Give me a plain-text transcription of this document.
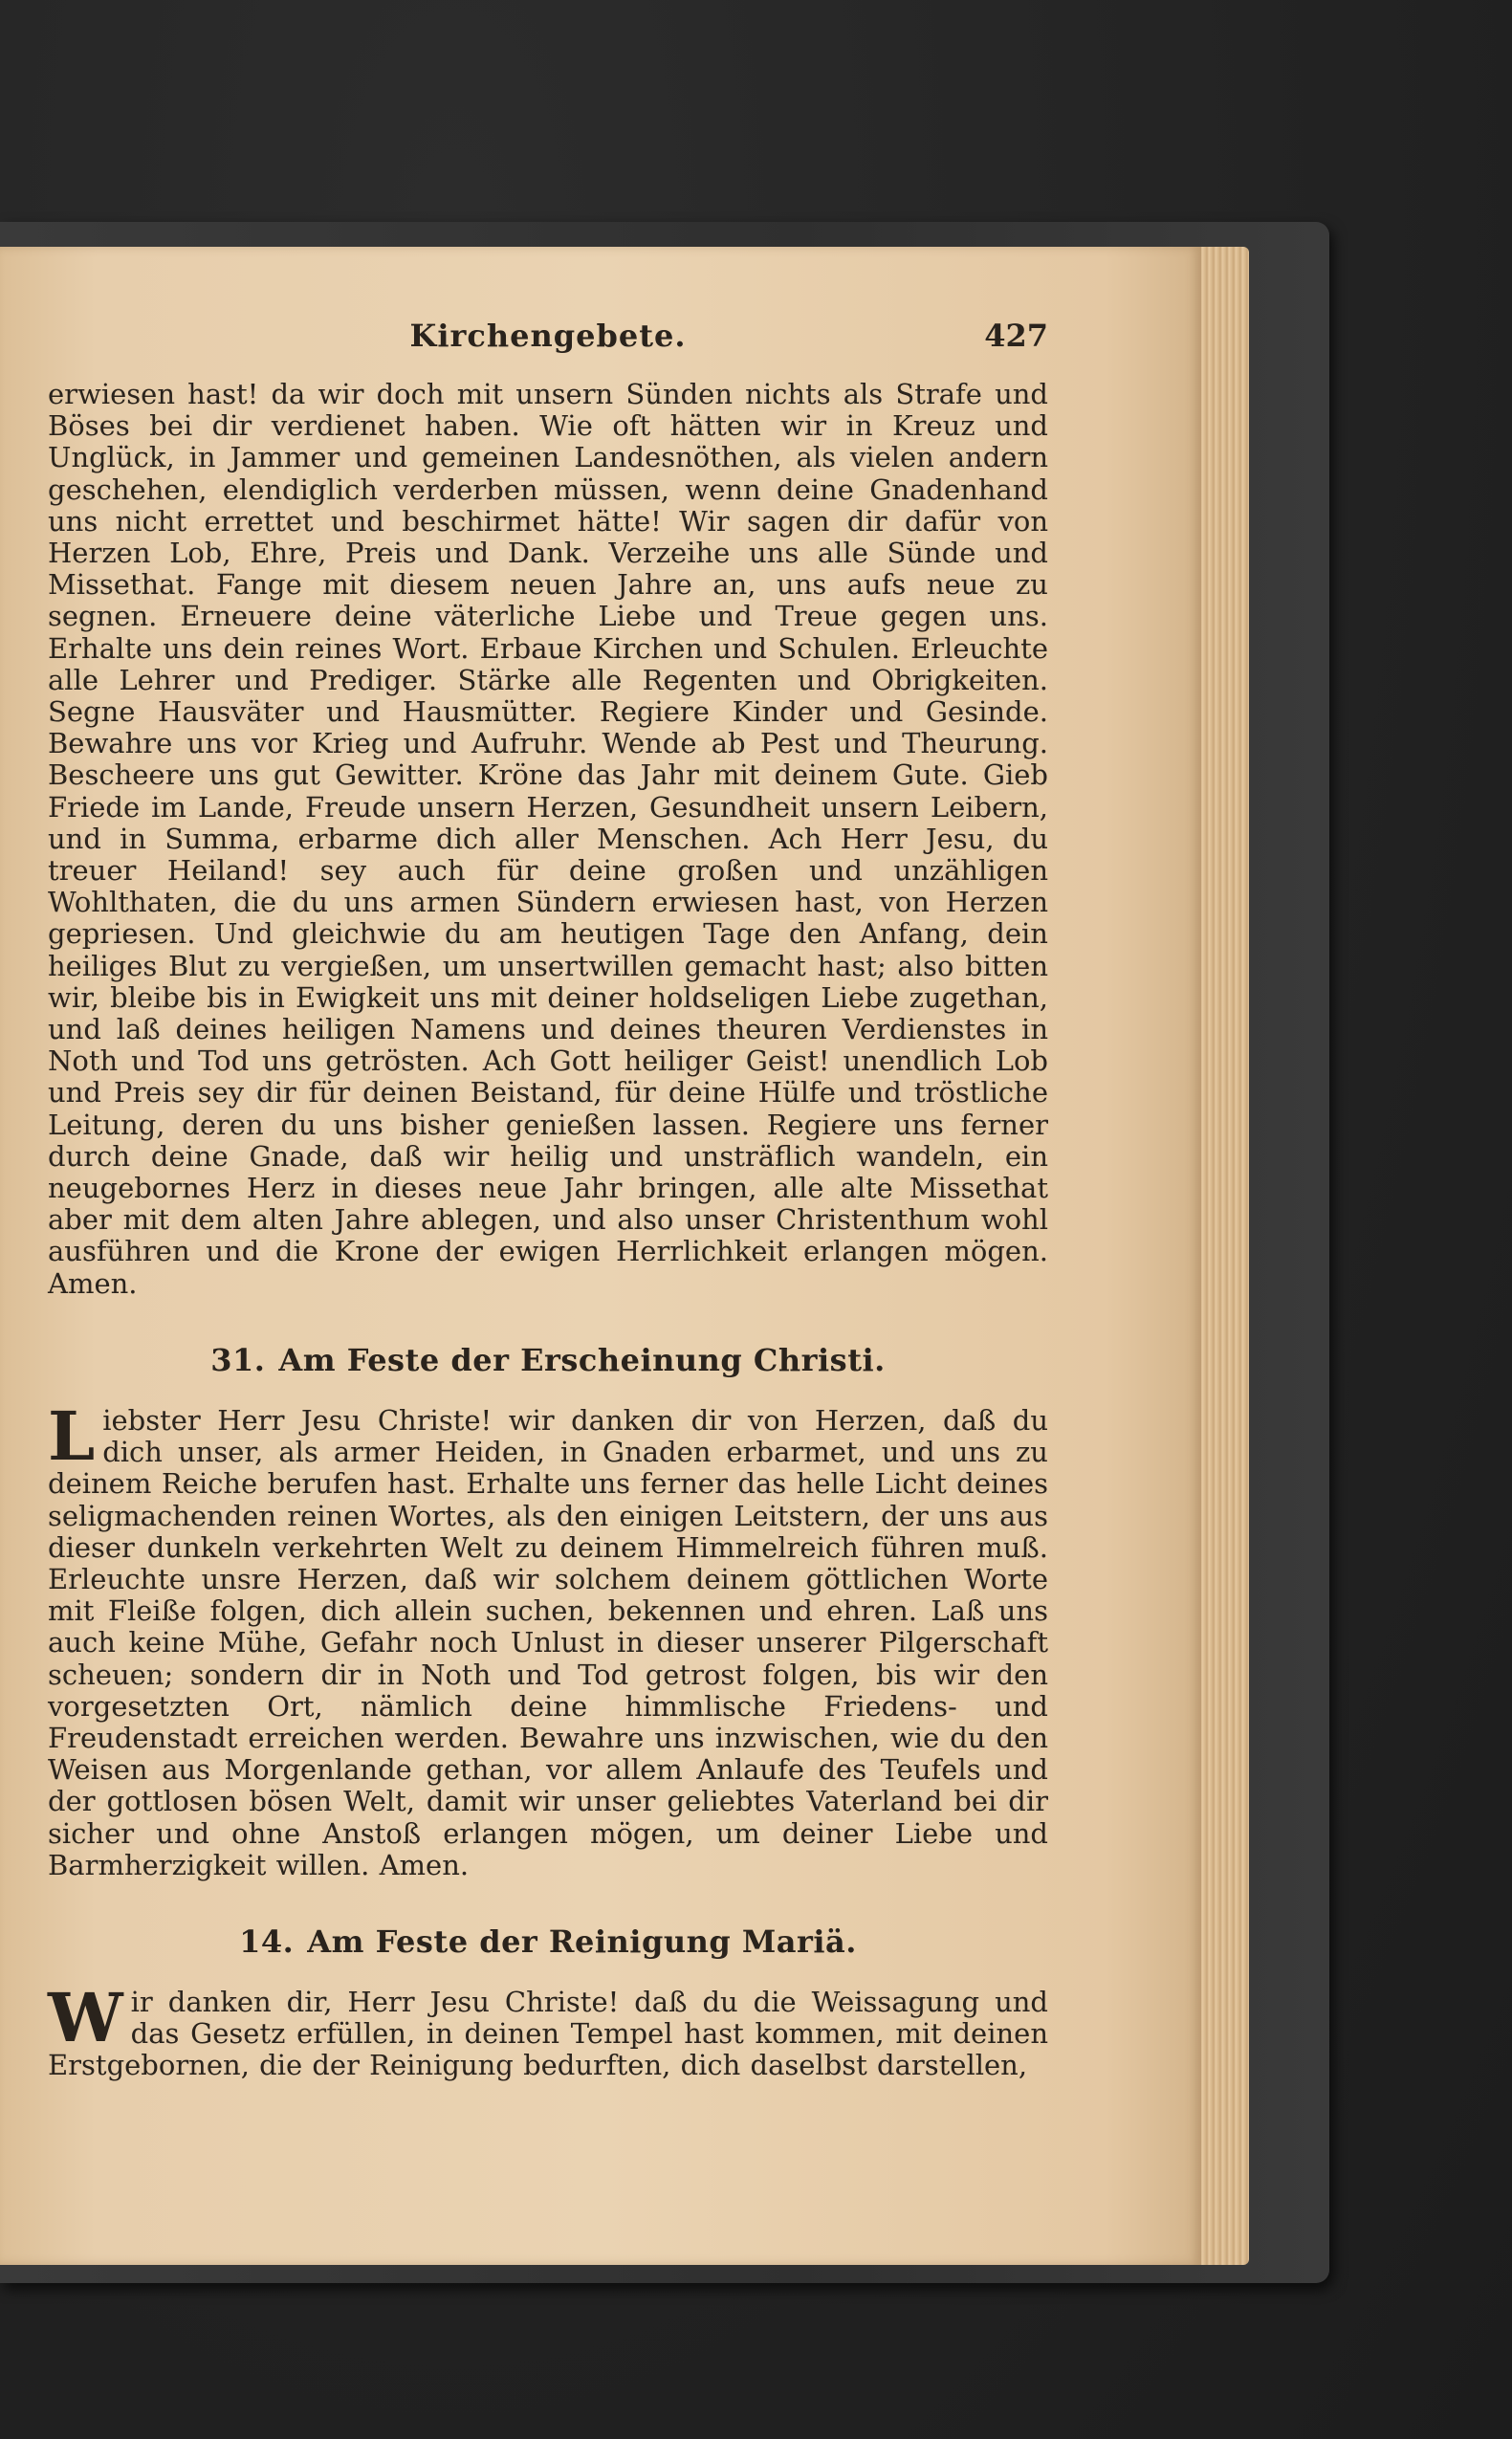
Kirchengebete.	427

erwiesen hast! da wir doch mit unsern Sünden nichts als Strafe und Böses bei dir verdienet haben. Wie oft hätten wir in Kreuz und Unglück, in Jammer und gemeinen Landesnöthen, als vielen andern geschehen, elendiglich verderben müssen, wenn deine Gnadenhand uns nicht errettet und beschirmet hätte! Wir sagen dir dafür von Herzen Lob, Ehre, Preis und Dank. Verzeihe uns alle Sünde und Missethat. Fange mit diesem neuen Jahre an, uns aufs neue zu segnen. Erneuere deine väterliche Liebe und Treue gegen uns. Erhalte uns dein reines Wort. Erbaue Kirchen und Schulen. Erleuchte alle Lehrer und Prediger. Stärke alle Regenten und Obrigkeiten. Segne Hausväter und Hausmütter. Regiere Kinder und Gesinde. Bewahre uns vor Krieg und Aufruhr. Wende ab Pest und Theurung. Bescheere uns gut Gewitter. Kröne das Jahr mit deinem Gute. Gieb Friede im Lande, Freude unsern Herzen, Gesundheit unsern Leibern, und in Summa, erbarme dich aller Menschen. Ach Herr Jesu, du treuer Heiland! sey auch für deine großen und unzähligen Wohlthaten, die du uns armen Sündern erwiesen hast, von Herzen gepriesen. Und gleichwie du am heutigen Tage den Anfang, dein heiliges Blut zu vergießen, um unsertwillen gemacht hast; also bitten wir, bleibe bis in Ewigkeit uns mit deiner holdseligen Liebe zugethan, und laß deines heiligen Namens und deines theuren Verdienstes in Noth und Tod uns getrösten. Ach Gott heiliger Geist! unendlich Lob und Preis sey dir für deinen Beistand, für deine Hülfe und tröstliche Leitung, deren du uns bisher genießen lassen. Regiere uns ferner durch deine Gnade, daß wir heilig und unsträflich wandeln, ein neugebornes Herz in dieses neue Jahr bringen, alle alte Missethat aber mit dem alten Jahre ablegen, und also unser Christenthum wohl ausführen und die Krone der ewigen Herrlichkeit erlangen mögen. Amen.

31. Am Feste der Erscheinung Christi.

Liebster Herr Jesu Christe! wir danken dir von Herzen, daß du dich unser, als armer Heiden, in Gnaden erbarmet, und uns zu deinem Reiche berufen hast. Erhalte uns ferner das helle Licht deines seligmachenden reinen Wortes, als den einigen Leitstern, der uns aus dieser dunkeln verkehrten Welt zu deinem Himmelreich führen muß. Erleuchte unsre Herzen, daß wir solchem deinem göttlichen Worte mit Fleiße folgen, dich allein suchen, bekennen und ehren. Laß uns auch keine Mühe, Gefahr noch Unlust in dieser unserer Pilgerschaft scheuen; sondern dir in Noth und Tod getrost folgen, bis wir den vorgesetzten Ort, nämlich deine himmlische Friedens- und Freudenstadt erreichen werden. Bewahre uns inzwischen, wie du den Weisen aus Morgenlande gethan, vor allem Anlaufe des Teufels und der gottlosen bösen Welt, damit wir unser geliebtes Vaterland bei dir sicher und ohne Anstoß erlangen mögen, um deiner Liebe und Barmherzigkeit willen. Amen.

14. Am Feste der Reinigung Mariä.

Wir danken dir, Herr Jesu Christe! daß du die Weissagung und das Gesetz erfüllen, in deinen Tempel hast kommen, mit deinen Erstgebornen, die der Reinigung bedurften, dich daselbst darstellen,
